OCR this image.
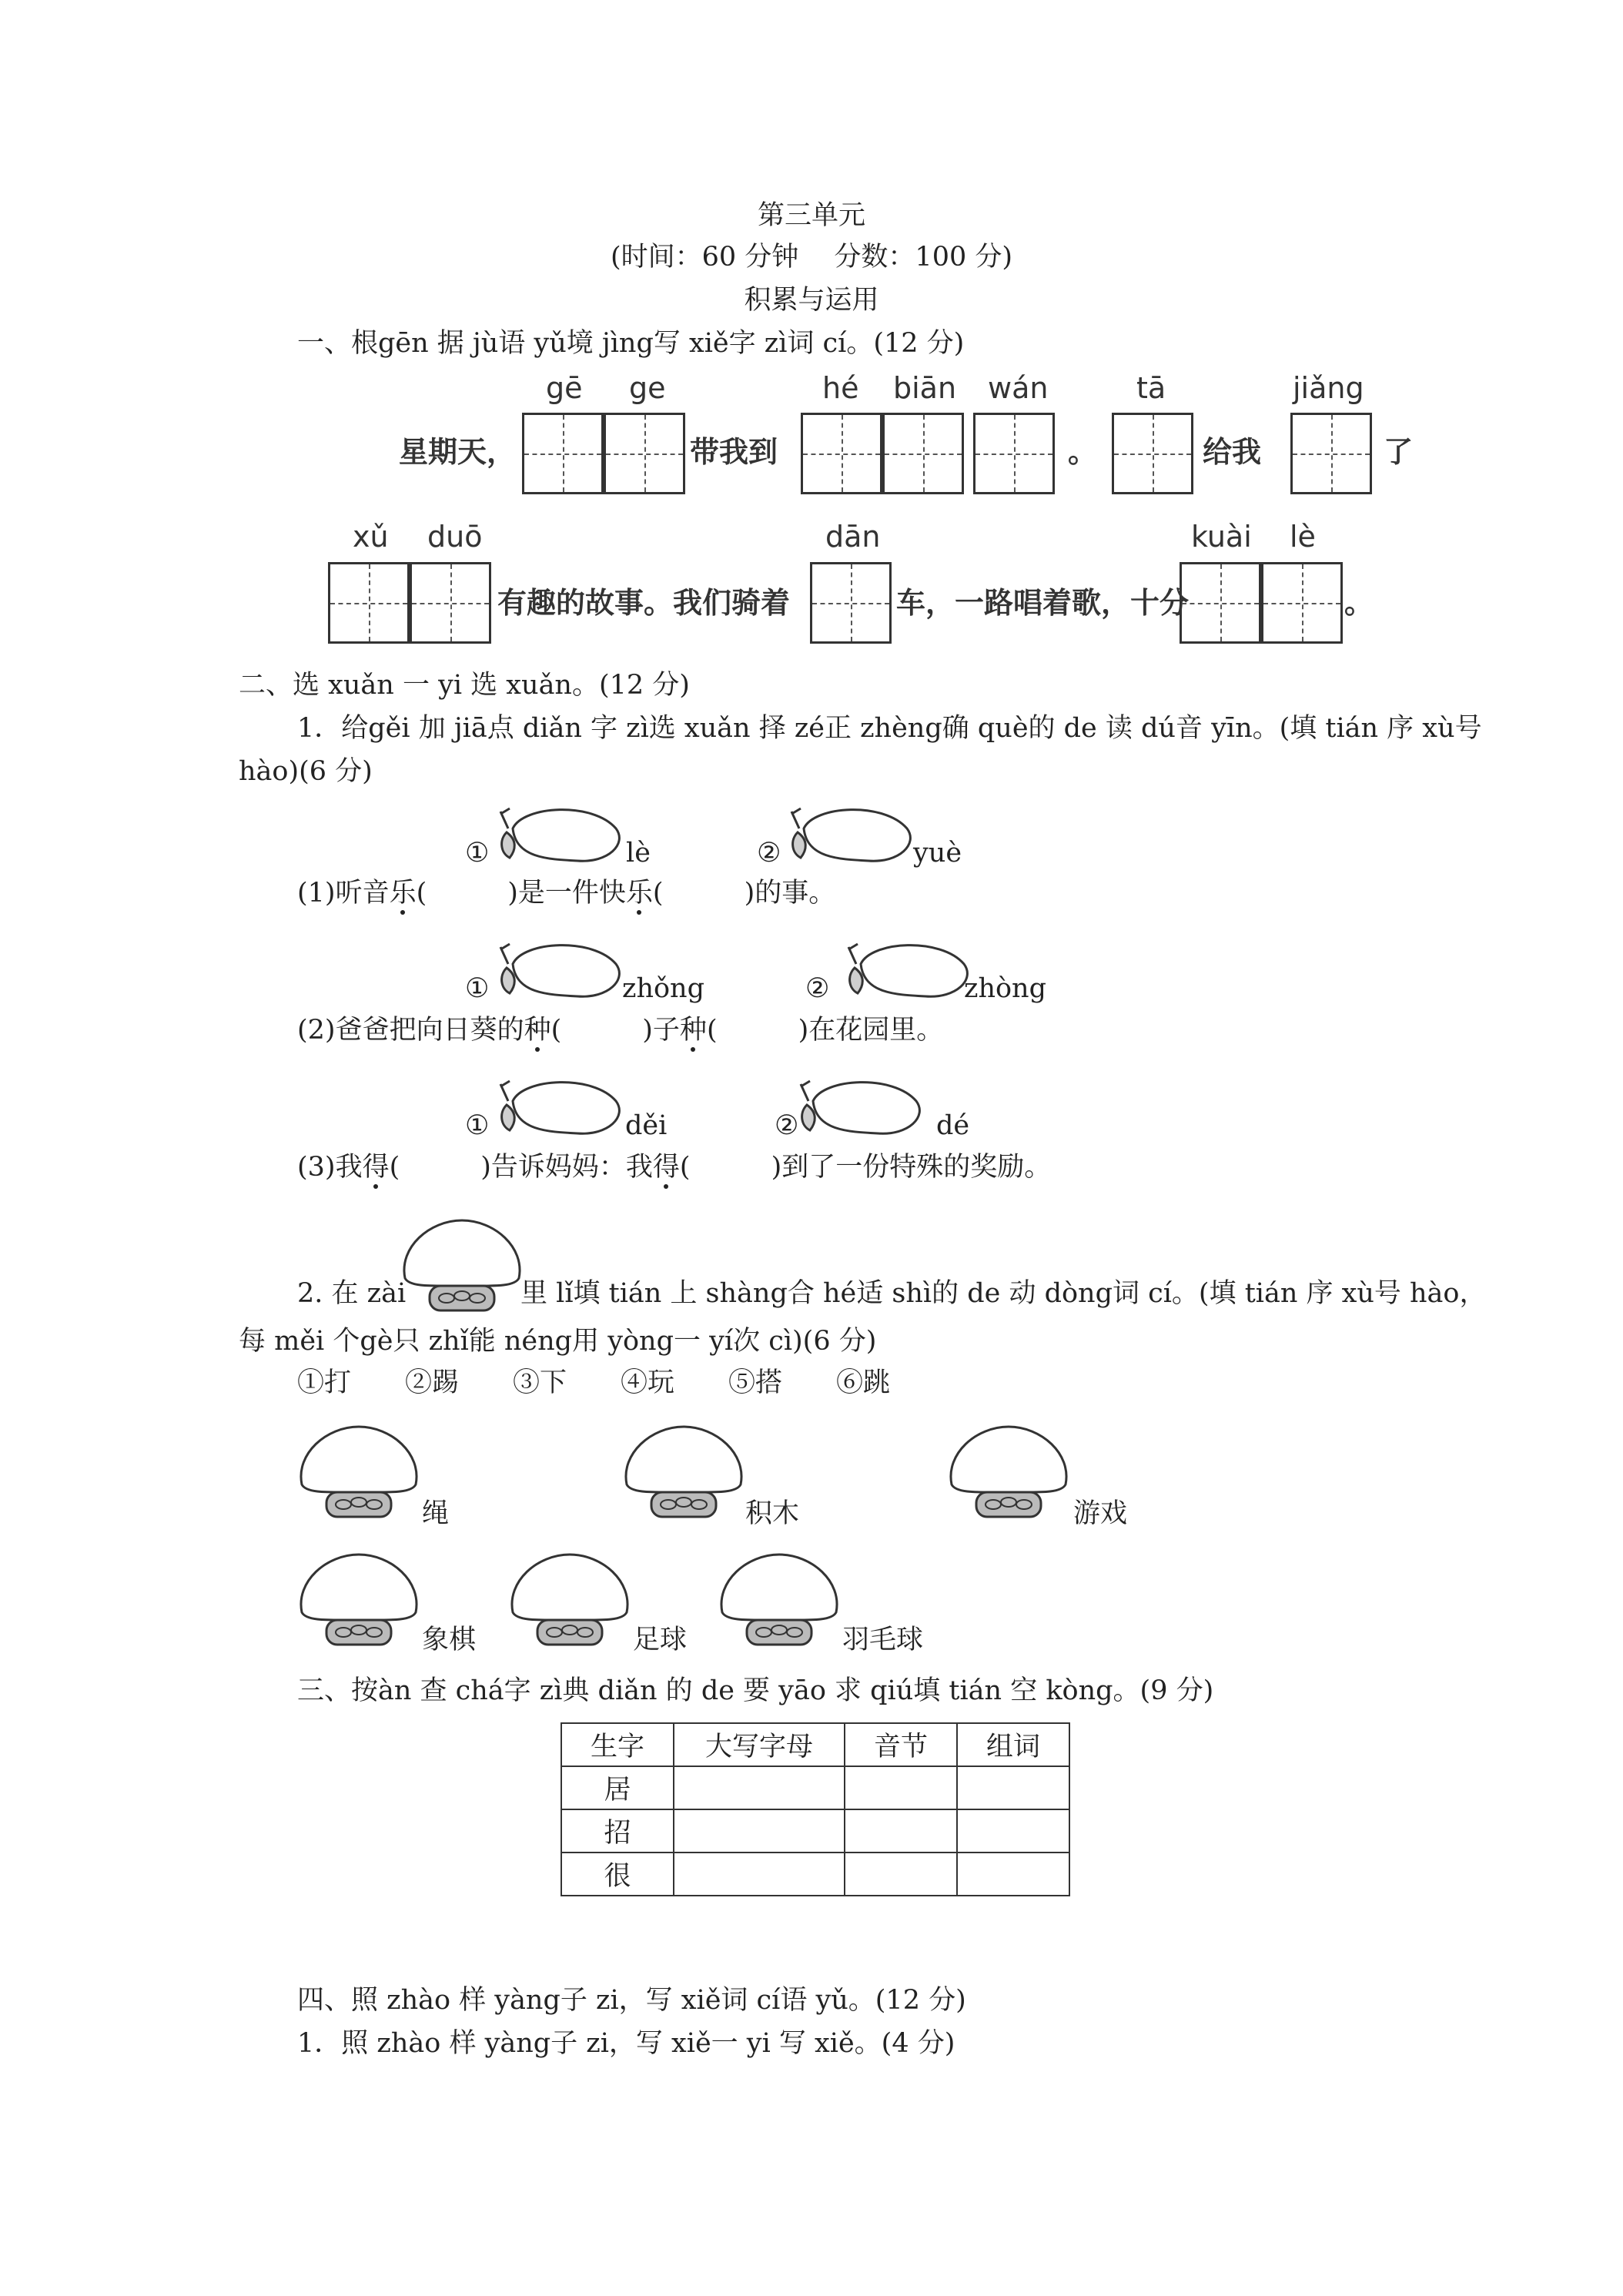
第三单元
(时间：60 分钟　 分数：100 分)
积累与运用
一、根gēn 据 jù语 yǔ境 jìng写 xiě字 zì词 cí。(12 分)
gē ge	hé biān wán	tā	jiǎng
星期天，	带我到	。	给我	了
xǔ duō	dān	kuài lè
有趣的故事。我们骑着	车，一路唱着歌，十分	。
二、选 xuǎn 一 yi 选 xuǎn。(12 分)
1．给gěi 加 jiā点 diǎn 字 zì选 xuǎn 择 zé正 zhèng确 què的 de 读 dú音 yīn。(填 tián 序 xù号
hào)(6 分)
①	lè	②	yuè
(1)听音乐(　　　)是一件快乐(　　　)的事。
①	zhǒng	②	zhòng
(2)爸爸把向日葵的种(　　　)子种(　　　)在花园里。
①	děi	②	dé
(3)我得(　　　)告诉妈妈：我得(　　　)到了一份特殊的奖励。
2. 在 zài	里 lǐ填 tián 上 shàng合 hé适 shì的 de 动 dòng词 cí。(填 tián 序 xù号 hào，
每 měi 个gè只 zhǐ能 néng用 yòng一 yí次 cì)(6 分)
①打　　②踢　　③下　　④玩　　⑤搭　　⑥跳
绳	积木	游戏
象棋	足球	羽毛球
三、按àn 查 chá字 zì典 diǎn 的 de 要 yāo 求 qiú填 tián 空 kòng。(9 分)
生字	大写字母	音节	组词
居			
招			
很			
四、照 zhào 样 yàng子 zi，写 xiě词 cí语 yǔ。(12 分)
1．照 zhào 样 yàng子 zi，写 xiě一 yi 写 xiě。(4 分)
